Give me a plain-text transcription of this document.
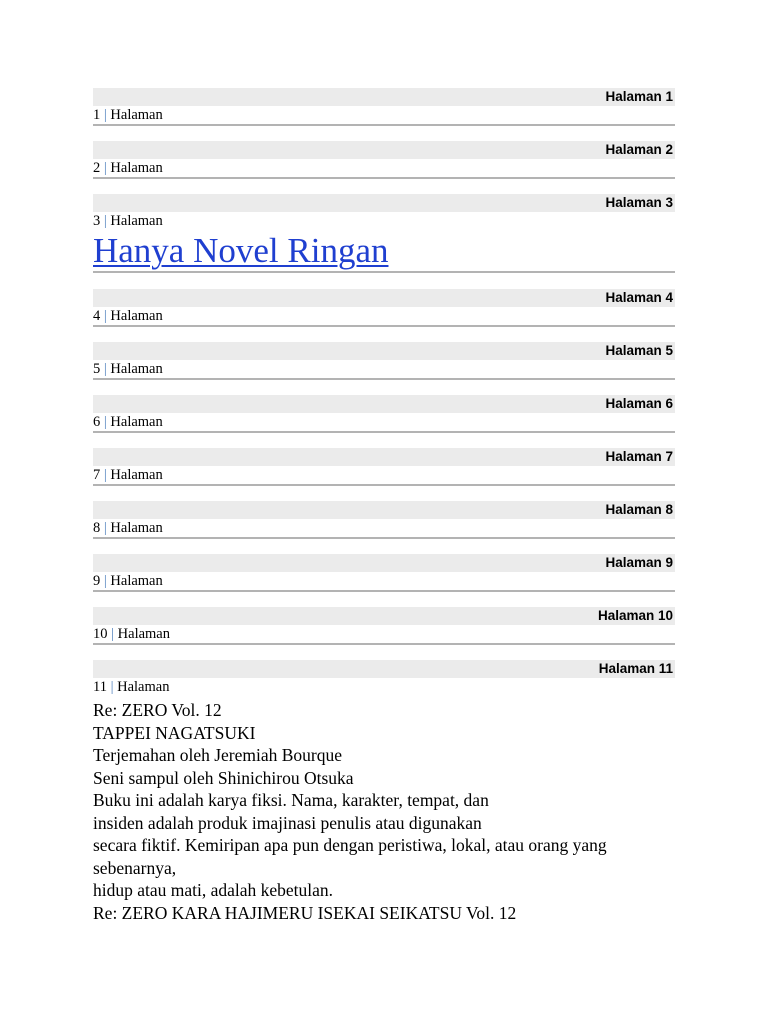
Halaman 1
1 | Halaman
Halaman 2
2 | Halaman
Halaman 3
3 | Halaman
Hanya Novel Ringan
Halaman 4
4 | Halaman
Halaman 5
5 | Halaman
Halaman 6
6 | Halaman
Halaman 7
7 | Halaman
Halaman 8
8 | Halaman
Halaman 9
9 | Halaman
Halaman 10
10 | Halaman
Halaman 11
11 | Halaman
Re: ZERO Vol. 12
TAPPEI NAGATSUKI
Terjemahan oleh Jeremiah Bourque
Seni sampul oleh Shinichirou Otsuka
Buku ini adalah karya fiksi. Nama, karakter, tempat, dan
insiden adalah produk imajinasi penulis atau digunakan
secara fiktif. Kemiripan apa pun dengan peristiwa, lokal, atau orang yang sebenarnya,
hidup atau mati, adalah kebetulan.
Re: ZERO KARA HAJIMERU ISEKAI SEIKATSU Vol. 12
